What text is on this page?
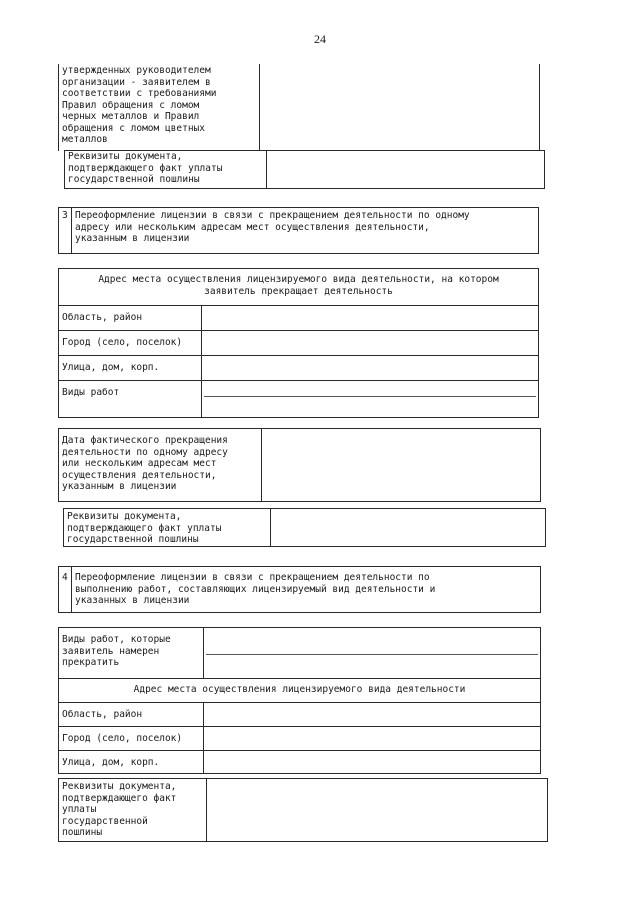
24
утвержденных руководителем
организации - заявителем в
соответствии с требованиями
Правил обращения с ломом
черных металлов и Правил
обращения с ломом цветных
металлов
Реквизиты документа,
подтверждающего факт уплаты
государственной пошлины	
3	Переоформление лицензии в связи с прекращением деятельности по одному
адресу или нескольким адресам мест осуществления деятельности,
указанным в лицензии
Адрес места осуществления лицензируемого вида деятельности, на котором
заявитель прекращает деятельность	
Область, район	
Город (село, поселок)	
Улица, дом, корп.	
Виды работ	
Дата фактического прекращения
деятельности по одному адресу
или нескольким адресам мест
осуществления деятельности,
указанным в лицензии	
Реквизиты документа,
подтверждающего факт уплаты
государственной пошлины	
4	Переоформление лицензии в связи с прекращением деятельности по
выполнению работ, составляющих лицензируемый вид деятельности и
указанных в лицензии
Виды работ, которые
заявитель намерен
прекратить	

Адрес места осуществления лицензируемого вида деятельности	
Область, район	
Город (село, поселок)	
Улица, дом, корп.	
Реквизиты документа,
подтверждающего факт
уплаты
государственной
пошлины	
